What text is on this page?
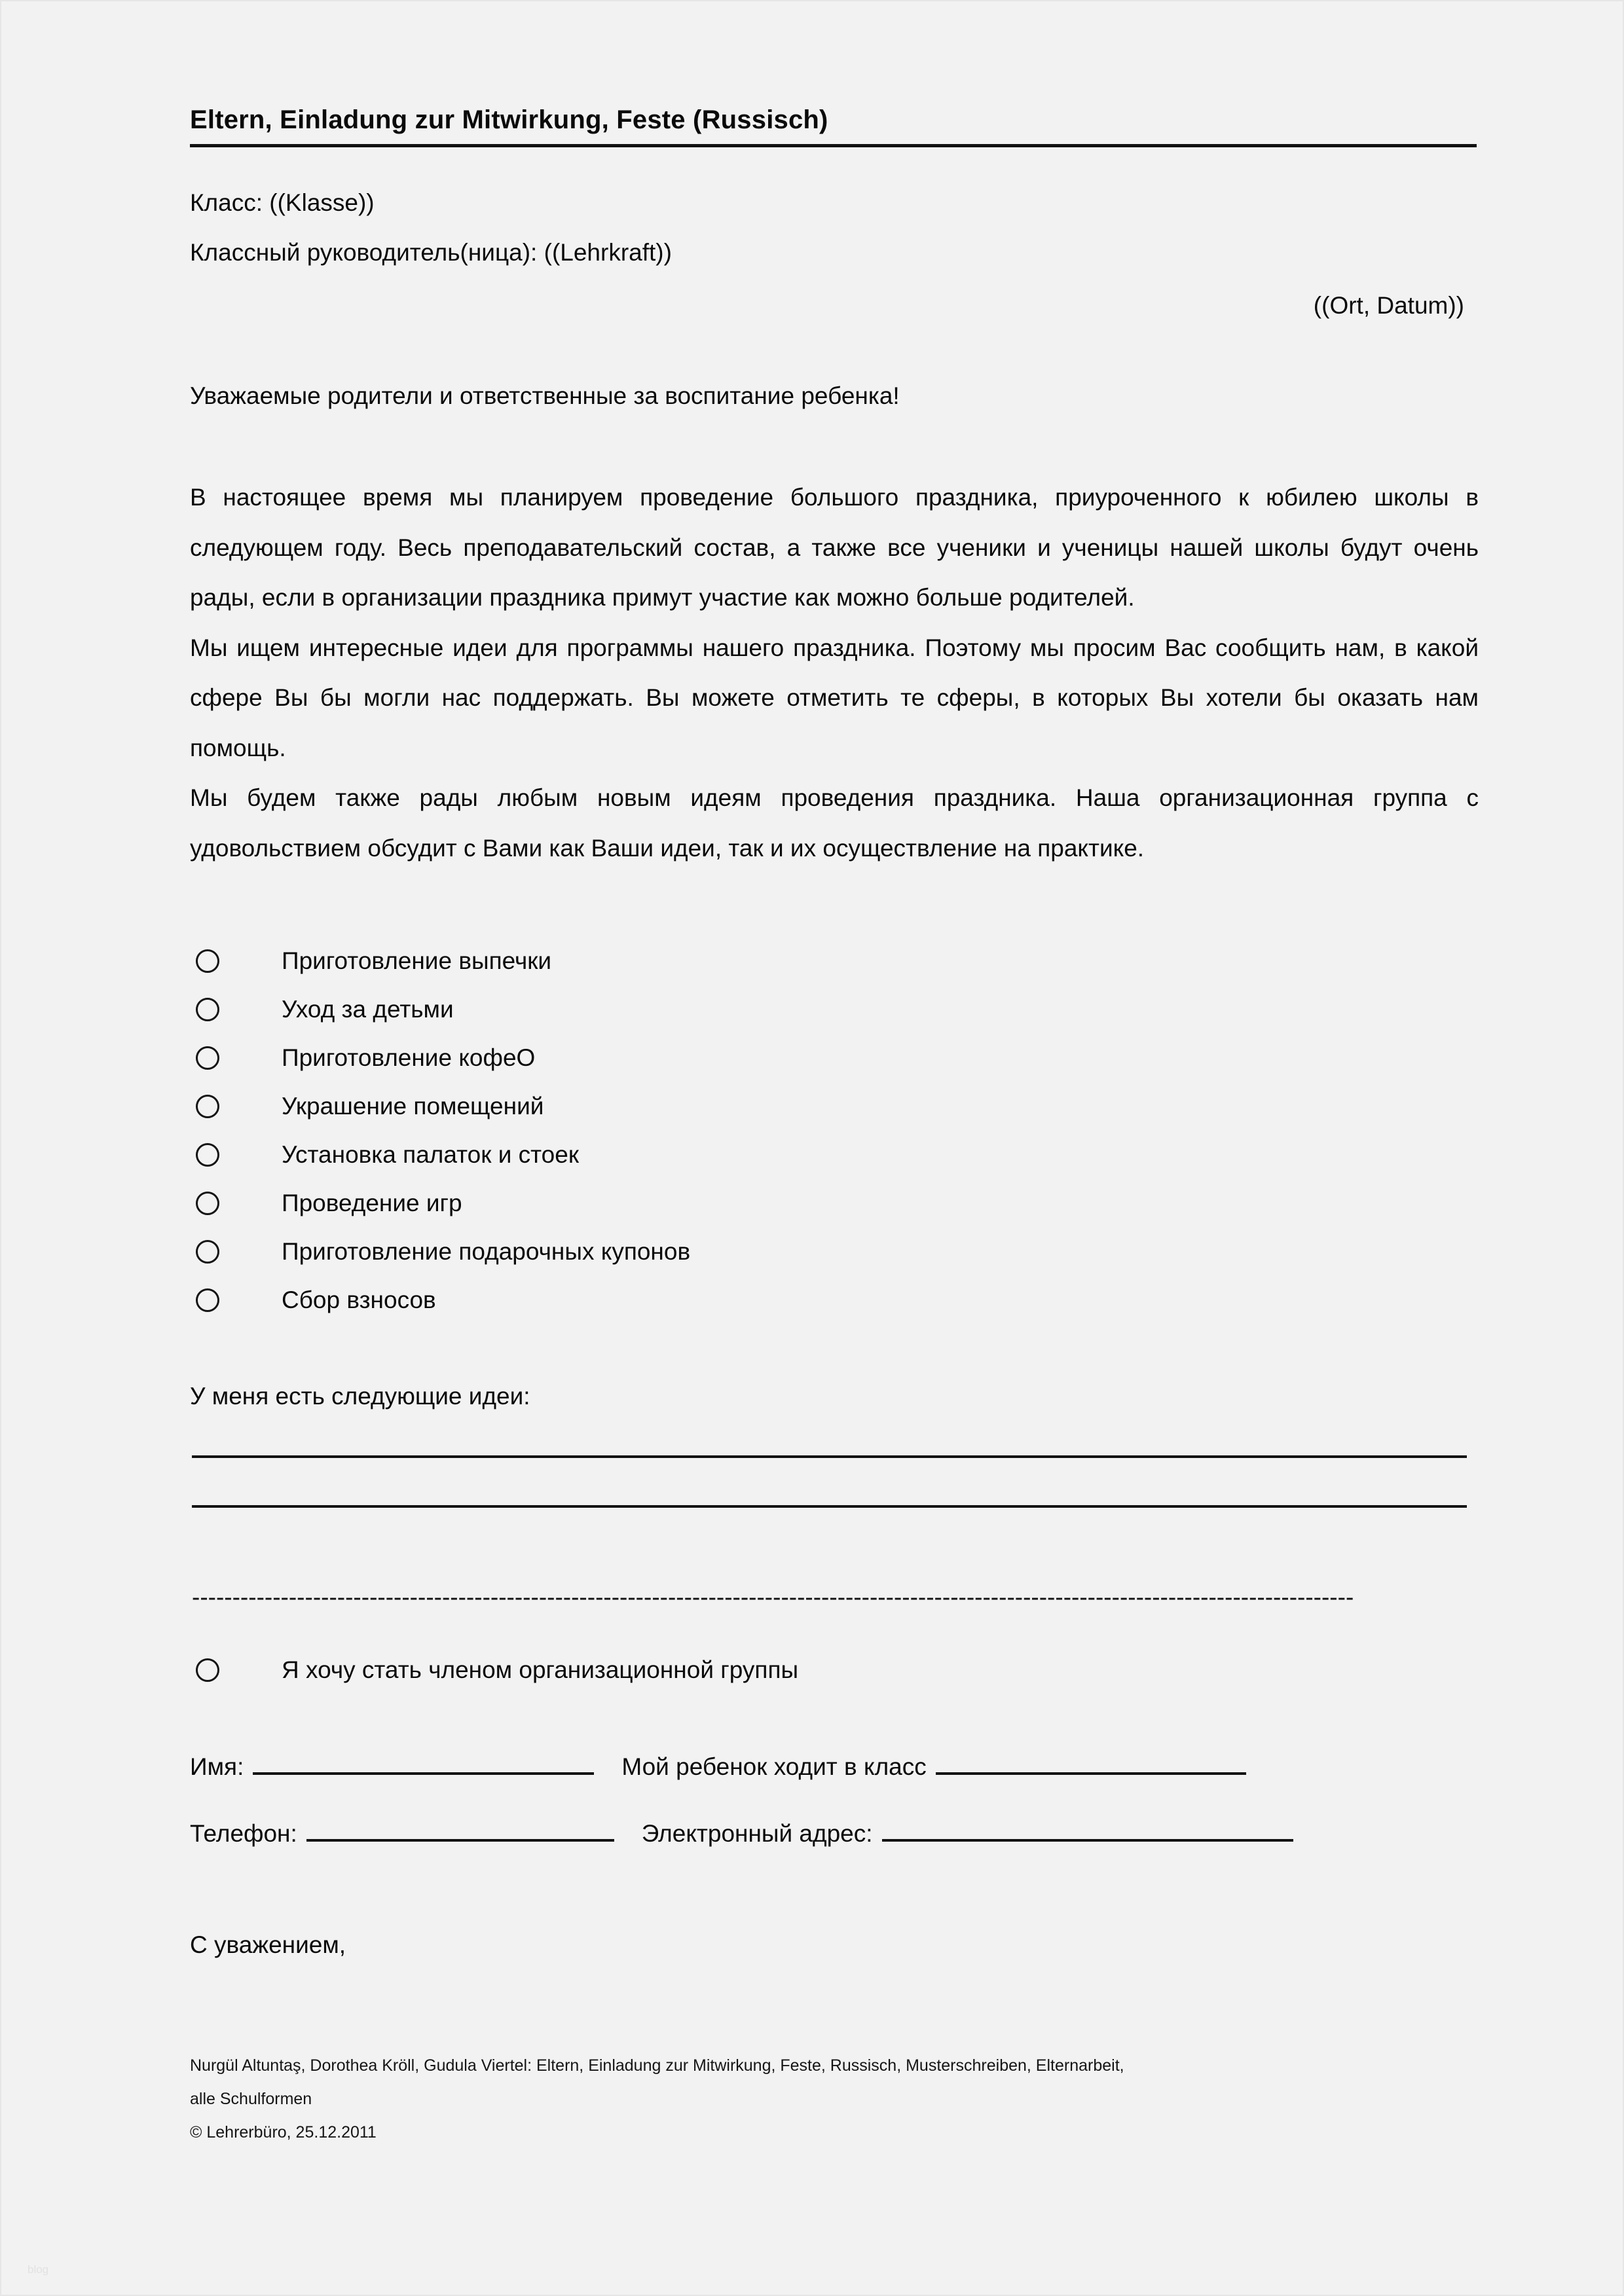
Eltern, Einladung zur Mitwirkung, Feste (Russisch)
Класс: ((Klasse))
Классный руководитель(ница): ((Lehrkraft))
((Ort, Datum))
Уважаемые родители и ответственные за воспитание ребенка!

В настоящее время мы планируем проведение большого праздника, приуроченного к юбилею школы в следующем году. Весь преподавательский состав, а также все ученики и ученицы нашей школы будут очень рады, если в организации праздника примут участие как можно больше родителей.

Мы ищем интересные идеи для программы нашего праздника. Поэтому мы просим Вас сообщить нам, в какой сфере Вы бы могли нас поддержать. Вы можете отметить те сферы, в которых Вы хотели бы оказать нам помощь.

Мы будем также рады любым новым идеям проведения праздника. Наша организационная группа с удовольствием обсудит с Вами как Ваши идеи, так и их осуществление на практике.

Приготовление выпечки
Уход за детьми
Приготовление кофеО
Украшение помещений
Установка палаток и стоек
Проведение игр
Приготовление подарочных купонов
Сбор взносов
У меня есть следующие идеи:
------------------------------------------------------------------------------------------------------------------------------------------------
Я хочу стать членом организационной группы
Имя:	Мой ребенок ходит в класс
Телефон:	Электронный адрес:
С уважением,
Nurgül Altuntaş, Dorothea Kröll, Gudula Viertel: Eltern, Einladung zur Mitwirkung, Feste, Russisch, Musterschreiben, Elternarbeit,
alle Schulformen
© Lehrerbüro, 25.12.2011
blog
